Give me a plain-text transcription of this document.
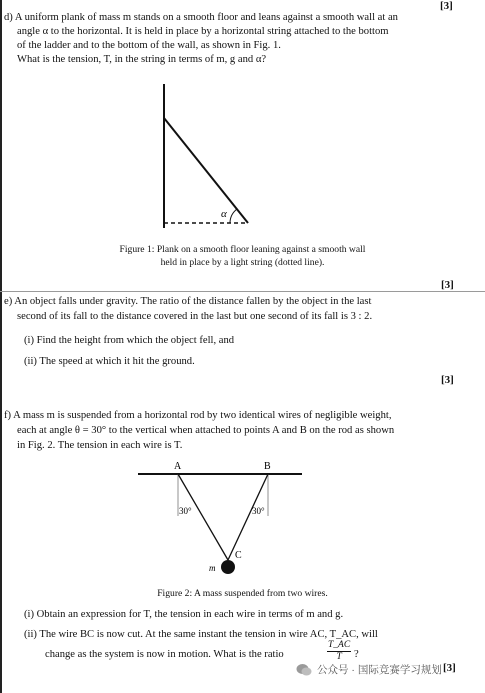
[3]
d) A uniform plank of mass m stands on a smooth floor and leans against a smooth wall at an
angle α to the horizontal. It is held in place by a horizontal string attached to the bottom
of the ladder and to the bottom of the wall, as shown in Fig. 1.
What is the tension, T, in the string in terms of m, g and α?
α
Figure 1: Plank on a smooth floor leaning against a smooth wall
held in place by a light string (dotted line).
[3]
e) An object falls under gravity. The ratio of the distance fallen by the object in the last
second of its fall to the distance covered in the last but one second of its fall is 3 : 2.
(i) Find the height from which the object fell, and
(ii) The speed at which it hit the ground.
[3]
f) A mass m is suspended from a horizontal rod by two identical wires of negligible weight,
each at angle θ = 30° to the vertical when attached to points A and B on the rod as shown
in Fig. 2. The tension in each wire is T.
A	B
30°	30°
C
m
Figure 2: A mass suspended from two wires.
(i) Obtain an expression for T, the tension in each wire in terms of m and g.
(ii) The wire BC is now cut. At the same instant the tension in wire AC, T_AC, will
change as the system is now in motion. What is the ratio	$\frac{T\_AC}{T}$ ?
公众号 · 国际竞赛学习规划 [3]
